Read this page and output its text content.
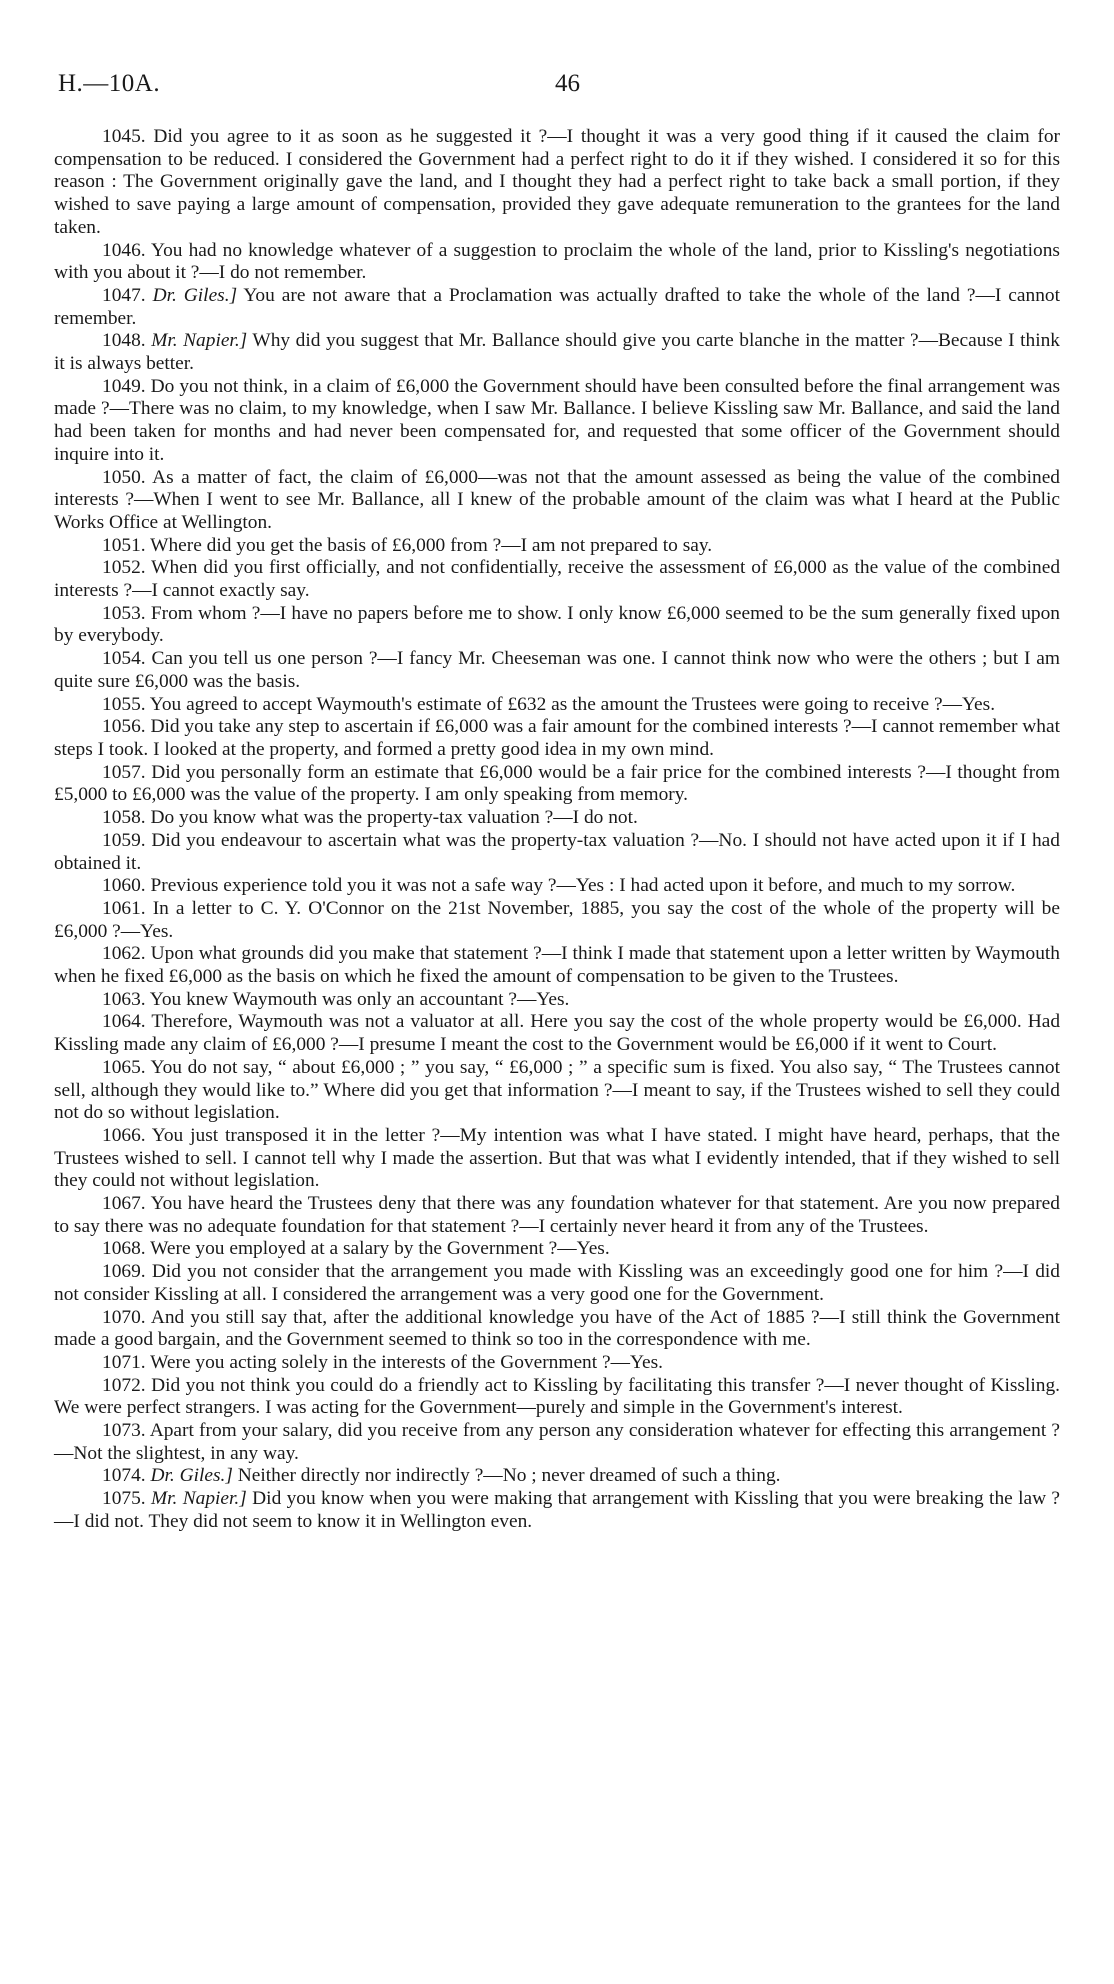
H.—10A.	46

1045. Did you agree to it as soon as he suggested it ?—I thought it was a very good thing if it caused the claim for compensation to be reduced. I considered the Government had a perfect right to do it if they wished. I considered it so for this reason : The Government originally gave the land, and I thought they had a perfect right to take back a small portion, if they wished to save paying a large amount of compensation, provided they gave adequate remuneration to the grantees for the land taken.

1046. You had no knowledge whatever of a suggestion to proclaim the whole of the land, prior to Kissling's negotiations with you about it ?—I do not remember.

1047. Dr. Giles.] You are not aware that a Proclamation was actually drafted to take the whole of the land ?—I cannot remember.

1048. Mr. Napier.] Why did you suggest that Mr. Ballance should give you carte blanche in the matter ?—Because I think it is always better.

1049. Do you not think, in a claim of £6,000 the Government should have been consulted before the final arrangement was made ?—There was no claim, to my knowledge, when I saw Mr. Ballance. I believe Kissling saw Mr. Ballance, and said the land had been taken for months and had never been compensated for, and requested that some officer of the Government should inquire into it.

1050. As a matter of fact, the claim of £6,000—was not that the amount assessed as being the value of the combined interests ?—When I went to see Mr. Ballance, all I knew of the probable amount of the claim was what I heard at the Public Works Office at Wellington.

1051. Where did you get the basis of £6,000 from ?—I am not prepared to say.

1052. When did you first officially, and not confidentially, receive the assessment of £6,000 as the value of the combined interests ?—I cannot exactly say.

1053. From whom ?—I have no papers before me to show. I only know £6,000 seemed to be the sum generally fixed upon by everybody.

1054. Can you tell us one person ?—I fancy Mr. Cheeseman was one. I cannot think now who were the others ; but I am quite sure £6,000 was the basis.

1055. You agreed to accept Waymouth's estimate of £632 as the amount the Trustees were going to receive ?—Yes.

1056. Did you take any step to ascertain if £6,000 was a fair amount for the combined interests ?—I cannot remember what steps I took. I looked at the property, and formed a pretty good idea in my own mind.

1057. Did you personally form an estimate that £6,000 would be a fair price for the combined interests ?—I thought from £5,000 to £6,000 was the value of the property. I am only speaking from memory.

1058. Do you know what was the property-tax valuation ?—I do not.

1059. Did you endeavour to ascertain what was the property-tax valuation ?—No. I should not have acted upon it if I had obtained it.

1060. Previous experience told you it was not a safe way ?—Yes : I had acted upon it before, and much to my sorrow.

1061. In a letter to C. Y. O'Connor on the 21st November, 1885, you say the cost of the whole of the property will be £6,000 ?—Yes.

1062. Upon what grounds did you make that statement ?—I think I made that statement upon a letter written by Waymouth when he fixed £6,000 as the basis on which he fixed the amount of compensation to be given to the Trustees.

1063. You knew Waymouth was only an accountant ?—Yes.

1064. Therefore, Waymouth was not a valuator at all. Here you say the cost of the whole property would be £6,000. Had Kissling made any claim of £6,000 ?—I presume I meant the cost to the Government would be £6,000 if it went to Court.

1065. You do not say, “ about £6,000 ; ” you say, “ £6,000 ; ” a specific sum is fixed. You also say, “ The Trustees cannot sell, although they would like to.” Where did you get that information ?—I meant to say, if the Trustees wished to sell they could not do so without legislation.

1066. You just transposed it in the letter ?—My intention was what I have stated. I might have heard, perhaps, that the Trustees wished to sell. I cannot tell why I made the assertion. But that was what I evidently intended, that if they wished to sell they could not without legislation.

1067. You have heard the Trustees deny that there was any foundation whatever for that statement. Are you now prepared to say there was no adequate foundation for that statement ?—I certainly never heard it from any of the Trustees.

1068. Were you employed at a salary by the Government ?—Yes.

1069. Did you not consider that the arrangement you made with Kissling was an exceedingly good one for him ?—I did not consider Kissling at all. I considered the arrangement was a very good one for the Government.

1070. And you still say that, after the additional knowledge you have of the Act of 1885 ?—I still think the Government made a good bargain, and the Government seemed to think so too in the correspondence with me.

1071. Were you acting solely in the interests of the Government ?—Yes.

1072. Did you not think you could do a friendly act to Kissling by facilitating this transfer ?—I never thought of Kissling. We were perfect strangers. I was acting for the Government—purely and simple in the Government's interest.

1073. Apart from your salary, did you receive from any person any consideration whatever for effecting this arrangement ?—Not the slightest, in any way.

1074. Dr. Giles.] Neither directly nor indirectly ?—No ; never dreamed of such a thing.

1075. Mr. Napier.] Did you know when you were making that arrangement with Kissling that you were breaking the law ?—I did not. They did not seem to know it in Wellington even.
